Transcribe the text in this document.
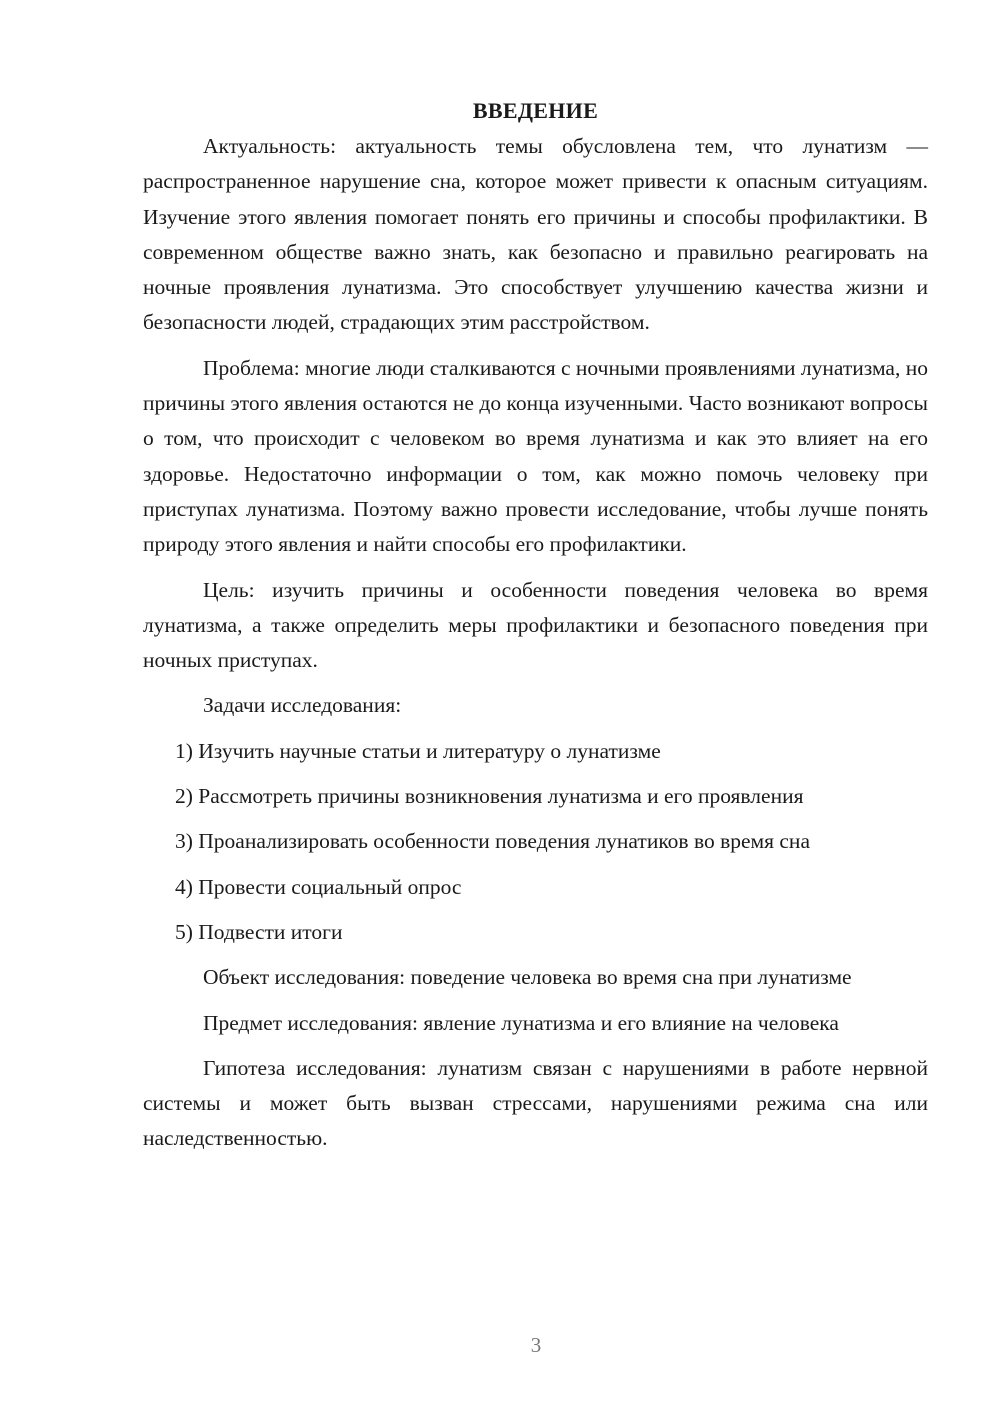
ВВЕДЕНИЕ

Актуальность: актуальность темы обусловлена тем, что лунатизм — распространенное нарушение сна, которое может привести к опасным ситуациям. Изучение этого явления помогает понять его причины и способы профилактики. В современном обществе важно знать, как безопасно и правильно реагировать на ночные проявления лунатизма. Это способствует улучшению качества жизни и безопасности людей, страдающих этим расстройством.

Проблема: многие люди сталкиваются с ночными проявлениями лунатизма, но причины этого явления остаются не до конца изученными. Часто возникают вопросы о том, что происходит с человеком во время лунатизма и как это влияет на его здоровье. Недостаточно информации о том, как можно помочь человеку при приступах лунатизма. Поэтому важно провести исследование, чтобы лучше понять природу этого явления и найти способы его профилактики.

Цель: изучить причины и особенности поведения человека во время лунатизма, а также определить меры профилактики и безопасного поведения при ночных приступах.

Задачи исследования:
1) Изучить научные статьи и литературу о лунатизме
2) Рассмотреть причины возникновения лунатизма и его проявления
3) Проанализировать особенности поведения лунатиков во время сна
4) Провести социальный опрос
5) Подвести итоги

Объект исследования: поведение человека во время сна при лунатизме

Предмет исследования: явление лунатизма и его влияние на человека

Гипотеза исследования: лунатизм связан с нарушениями в работе нервной системы и может быть вызван стрессами, нарушениями режима сна или наследственностью.

3
